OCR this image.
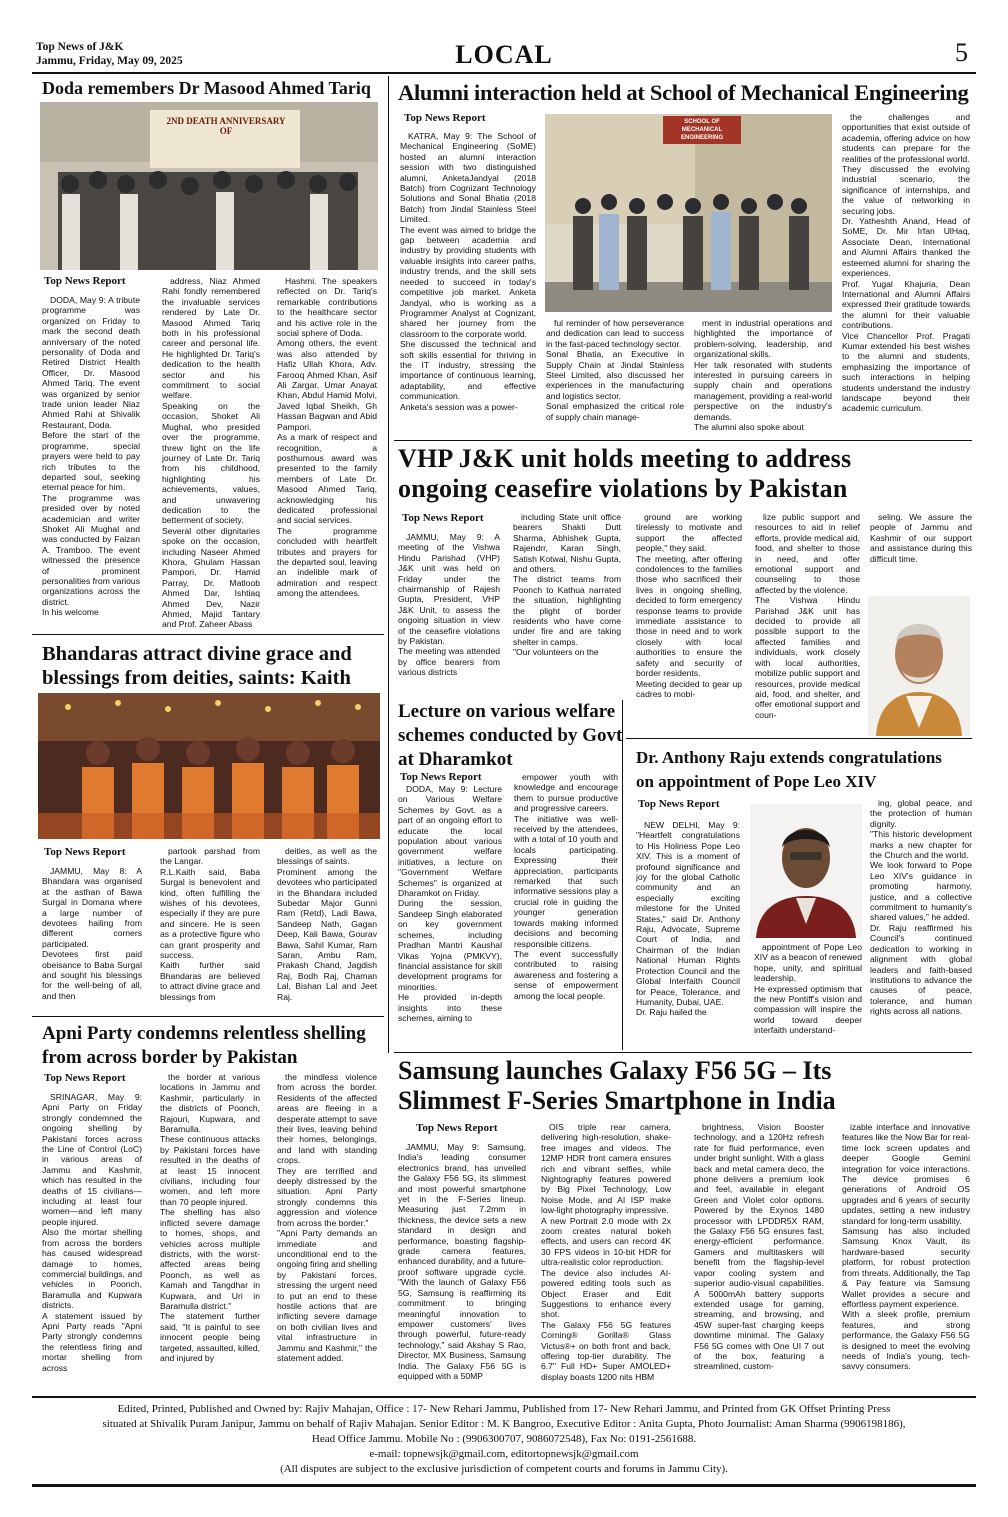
Top News of J&K
Jammu, Friday, May 09, 2025	LOCAL	5
Doda remembers Dr Masood Ahmed Tariq
2ND DEATH ANNIVERSARY OF
Top News Report

DODA, May 9: A tribute programme was organized on Friday to mark the second death anniversary of the noted personality of Doda and Retired District Health Officer, Dr. Masood Ahmed Tariq. The event was organized by senior trade union leader Niaz Ahmed Rahi at Shivalik Restaurant, Doda.
Before the start of the programme, special prayers were held to pay rich tributes to the departed soul, seeking eternal peace for him.
The programme was presided over by noted academician and writer Shoket Ali Mughal and was conducted by Faizan A. Tramboo. The event witnessed the presence of prominent personalities from various organizations across the district.
In his welcome

address, Niaz Ahmed Rahi fondly remembered the invaluable services rendered by Late Dr. Masood Ahmed Tariq both in his professional career and personal life. He highlighted Dr. Tariq's dedication to the health sector and his commitment to social welfare.
Speaking on the occasion, Shoket Ali Mughal, who presided over the programme, threw light on the life journey of Late Dr. Tariq from his childhood, highlighting his achievements, values, and unwavering dedication to the betterment of society.
Several other dignitaries spoke on the occasion, including Naseer Ahmed Khora, Ghulam Hassan Pampori, Dr. Hamid Parray, Dr. Matloob Ahmed Dar, Ishtiaq Ahmed Dev, Nazir Ahmed, Majid Tantary and Prof. Zaheer Abass

Hashmi. The speakers reflected on Dr. Tariq's remarkable contributions to the healthcare sector and his active role in the social sphere of Doda.
Among others, the event was also attended by Hafiz Ullah Khora, Adv. Farooq Ahmed Khan, Asif Ali Zargar, Umar Anayat Khan, Abdul Hamid Molvi, Javed Iqbal Sheikh, Gh Hassan Bagwan and Abid Pampori.
As a mark of respect and recognition, a posthumous award was presented to the family members of Late Dr. Masood Ahmed Tariq, acknowledging his dedicated professional and social services.
The programme concluded with heartfelt tributes and prayers for the departed soul, leaving an indelible mark of admiration and respect among the attendees.

Alumni interaction held at School of Mechanical Engineering
Top News Report

KATRA, May 9: The School of Mechanical Engineering (SoME) hosted an alumni interaction session with two distinguished alumni, AnketaJandyal (2018 Batch) from Cognizant Technology Solutions and Sonal Bhatia (2018 Batch) from Jindal Stainless Steel Limited.
The event was aimed to bridge the gap between academia and industry by providing students with valuable insights into career paths, industry trends, and the skill sets needed to succeed in today's competitive job market. Anketa Jandyal, who is working as a Programmer Analyst at Cognizant, shared her journey from the classroom to the corporate world.
She discussed the technical and soft skills essential for thriving in the IT industry, stressing the importance of continuous learning, adaptability, and effective communication.
Anketa's session was a power-

SCHOOL OF MECHANICAL ENGINEERING

ful reminder of how perseverance and dedication can lead to success in the fast-paced technology sector.
Sonal Bhatia, an Executive in Supply Chain at Jindal Stainless Steel Limited, also discussed her experiences in the manufacturing and logistics sector.
Sonal emphasized the critical role of supply chain manage-

ment in industrial operations and highlighted the importance of problem-solving, leadership, and organizational skills.
Her talk resonated with students interested in pursuing careers in supply chain and operations management, providing a real-world perspective on the industry's demands.
The alumni also spoke about

the challenges and opportunities that exist outside of academia, offering advice on how students can prepare for the realities of the professional world.
They discussed the evolving industrial scenario, the significance of internships, and the value of networking in securing jobs.
Dr. Yatheshth Anand, Head of SoME, Dr. Mir Irfan UlHaq, Associate Dean, International and Alumni Affairs thanked the esteemed alumni for sharing the experiences.
Prof. Yugal Khajuria, Dean International and Alumni Affairs expressed their gratitude towards the alumni for their valuable contributions.
Vice Chancellor Prof. Pragati Kumar extended his best wishes to the alumni and students, emphasizing the importance of such interactions in helping students understand the industry landscape beyond their academic curriculum.

VHP J&K unit holds meeting to address
ongoing ceasefire violations by Pakistan
Top News Report

JAMMU, May 9: A meeting of the Vishwa Hindu Parishad (VHP) J&K unit was held on Friday under the chairmanship of Rajesh Gupta, President, VHP J&K Unit, to assess the ongoing situation in view of the ceasefire violations by Pakistan.
The meeting was attended by office bearers from various districts

including State unit office bearers Shakti Dutt Sharma, Abhishek Gupta, Rajendrr, Karan Singh, Satish Kotwal, Nishu Gupta, and others.
The district teams from Poonch to Kathua narrated the situation, highlighting the plight of border residents who have come under fire and are taking shelter in camps.
"Our volunteers on the

ground are working tirelessly to motivate and support the affected people," they said.
The meeting, after offering condolences to the families those who sacrificed their lives in ongoing shelling, decided to form emergency response teams to provide immediate assistance to those in need and to work closely with local authorities to ensure the safety and security of border residents.
Meeting decided to gear up cadres to mobi-

lize public support and resources to aid in relief efforts, provide medical aid, food, and shelter to those in need, and offer emotional support and counseling to those affected by the violence.
The Vishwa Hindu Parishad J&K unit has decided to provide all possible support to the affected families and individuals, work closely with local authorities, mobilize public support and resources, provide medical aid, food, and shelter, and offer emotional support and coun-

seling. We assure the people of Jammu and Kashmir of our support and assistance during this difficult time.

Bhandaras attract divine grace and
blessings from deities, saints: Kaith
Top News Report

JAMMU, May 8: A Bhandara was organised at the asthan of Bawa Surgal in Domana where a large number of devotees hailing from different corners participated.
Devotees first paid obeisance to Baba Surgal and sought his blessings for the well-being of all, and then

partook parshad from the Langar.
R.L.Kaith said, Baba Surgal is benevolent and kind, often fulfilling the wishes of his devotees, especially if they are pure and sincere. He is seen as a protective figure who can grant prosperity and success.
Kaith further said Bhandaras are believed to attract divine grace and blessings from

deities, as well as the blessings of saints.
Prominent among the devotees who participated in the Bhandara included Subedar Major Gunni Ram (Retd), Ladi Bawa, Sandeep Nath, Gagan Deep, Kali Bawa, Gourav Bawa, Sahil Kumar, Ram Saran, Ambu Ram, Prakash Chand, Jagdish Raj, Bodh Raj, Chaman Lal, Bishan Lal and Jeet Raj.

Lecture on various welfare
schemes conducted by Govt
at Dharamkot
Top News Report

DODA, May 9: Lecture on Various Welfare Schemes by Govt. as a part of an ongoing effort to educate the local population about various government welfare initiatives, a lecture on "Government Welfare Schemes" is organized at Dharamkot on Friday.
During the session, Sandeep Singh elaborated on key government schemes, including Pradhan Mantri Kaushal Vikas Yojna (PMKVY), financial assistance for skill development programs for minorities.
He provided in-depth insights into these schemes, aiming to

empower youth with knowledge and encourage them to pursue productive and progressive careers.
The initiative was well-received by the attendees, with a total of 10 youth and locals participating. Expressing their appreciation, participants remarked that such informative sessions play a crucial role in guiding the younger generation towards making informed decisions and becoming responsible citizens.
The event successfully contributed to raising awareness and fostering a sense of empowerment among the local people.

Dr. Anthony Raju extends congratulations
on appointment of Pope Leo XIV
Top News Report

NEW DELHI, May 9: "Heartfelt congratulations to His Holiness Pope Leo XIV. This is a moment of profound significance and joy for the global Catholic community and an especially exciting milestone for the United States," said Dr. Anthony Raju, Advocate, Supreme Court of India, and Chairman of the Indian National Human Rights Protection Council and the Global Interfaith Council for Peace, Tolerance, and Humanity, Dubai, UAE.
Dr. Raju hailed the

appointment of Pope Leo XIV as a beacon of renewed hope, unity, and spiritual leadership.
He expressed optimism that the new Pontiff's vision and compassion will inspire the world toward deeper interfaith understand-

ing, global peace, and the protection of human dignity.
"This historic development marks a new chapter for the Church and the world.
We look forward to Pope Leo XIV's guidance in promoting harmony, justice, and a collective commitment to humanity's shared values," he added.
Dr. Raju reaffirmed his Council's continued dedication to working in alignment with global leaders and faith-based institutions to advance the causes of peace, tolerance, and human rights across all nations.

Apni Party condemns relentless shelling
from across border by Pakistan
Top News Report

SRINAGAR, May 9: Apni Party on Friday strongly condemned the ongoing shelling by Pakistani forces across the Line of Control (LoC) in various areas of Jammu and Kashmir, which has resulted in the deaths of 15 civilians—including at least four women—and left many people injured.
Also the mortar shelling from across the borders has caused widespread damage to homes, commercial buildings, and vehicles in Poonch, Baramulla and Kupwara districts.
A statement issued by Apni Party reads "Apni Party strongly condemns the relentless firing and mortar shelling from across

the border at various locations in Jammu and Kashmir, particularly in the districts of Poonch, Rajouri, Kupwara, and Baramulla.
These continuous attacks by Pakistani forces have resulted in the deaths of at least 15 innocent civilians, including four women, and left more than 70 people injured.
The shelling has also inflicted severe damage to homes, shops, and vehicles across multiple districts, with the worst-affected areas being Poonch, as well as Kamah and Tangdhar in Kupwara, and Uri in Baramulla district."
The statement further said, "It is painful to see innocent people being targeted, assaulted, killed, and injured by

the mindless violence from across the border. Residents of the affected areas are fleeing in a desperate attempt to save their lives, leaving behind their homes, belongings, and land with standing crops.
They are terrified and deeply distressed by the situation. Apni Party strongly condemns this aggression and violence from across the border."
"Apni Party demands an immediate and unconditional end to the ongoing firing and shelling by Pakistani forces, stressing the urgent need to put an end to these hostile actions that are inflicting severe damage on both civilian lives and vital infrastructure in Jammu and Kashmir," the statement added.

Samsung launches Galaxy F56 5G – Its
Slimmest F-Series Smartphone in India
Top News Report

JAMMU, May 9: Samsung, India's leading consumer electronics brand, has unveiled the Galaxy F56 5G, its slimmest and most powerful smartphone yet in the F-Series lineup. Measuring just 7.2mm in thickness, the device sets a new standard in design and performance, boasting flagship-grade camera features, enhanced durability, and a future-proof software upgrade cycle. "With the launch of Galaxy F56 5G, Samsung is reaffirming its commitment to bringing meaningful innovation to empower customers' lives through powerful, future-ready technology," said Akshay S Rao, Director, MX Business, Samsung India. The Galaxy F56 5G is equipped with a 50MP

OIS triple rear camera, delivering high-resolution, shake-free images and videos. The 12MP HDR front camera ensures rich and vibrant selfies, while Nightography features powered by Big Pixel Technology, Low Noise Mode, and AI ISP make low-light photography impressive.
A new Portrait 2.0 mode with 2x zoom creates natural bokeh effects, and users can record 4K 30 FPS videos in 10-bit HDR for ultra-realistic color reproduction.
The device also includes AI-powered editing tools such as Object Eraser and Edit Suggestions to enhance every shot.
The Galaxy F56 5G features Corning® Gorilla® Glass Victus®+ on both front and back, offering top-tier durability. The 6.7" Full HD+ Super AMOLED+ display boasts 1200 nits HBM

brightness, Vision Booster technology, and a 120Hz refresh rate for fluid performance, even under bright sunlight. With a glass back and metal camera deco, the phone delivers a premium look and feel, available in elegant Green and Violet color options. Powered by the Exynos 1480 processor with LPDDR5X RAM, the Galaxy F56 5G ensures fast, energy-efficient performance. Gamers and multitaskers will benefit from the flagship-level vapor cooling system and superior audio-visual capabilities. A 5000mAh battery supports extended usage for gaming, streaming, and browsing, and 45W super-fast charging keeps downtime minimal. The Galaxy F56 5G comes with One UI 7 out of the box, featuring a streamlined, custom-

izable interface and innovative features like the Now Bar for real-time lock screen updates and deeper Google Gemini integration for voice interactions. The device promises 6 generations of Android OS upgrades and 6 years of security updates, setting a new industry standard for long-term usability.
Samsung has also included Samsung Knox Vault, its hardware-based security platform, for robust protection from threats. Additionally, the Tap & Pay feature via Samsung Wallet provides a secure and effortless payment experience.
With a sleek profile, premium features, and strong performance, the Galaxy F56 5G is designed to meet the evolving needs of India's young, tech-savvy consumers.

Edited, Printed, Published and Owned by: Rajiv Mahajan, Office : 17- New Rehari Jammu, Published from 17- New Rehari Jammu, and Printed from GK Offset Printing Press
situated at Shivalik Puram Janipur, Jammu on behalf of Rajiv Mahajan. Senior Editor : M. K Bangroo, Executive Editor : Anita Gupta, Photo Journalist: Aman Sharma (9906198186),
Head Office Jammu. Mobile No : (9906300707, 9086072548), Fax No: 0191-2561688.
e-mail: topnewsjk@gmail.com, editortopnewsjk@gmail.com
(All disputes are subject to the exclusive jurisdiction of competent courts and forums in Jammu City).
